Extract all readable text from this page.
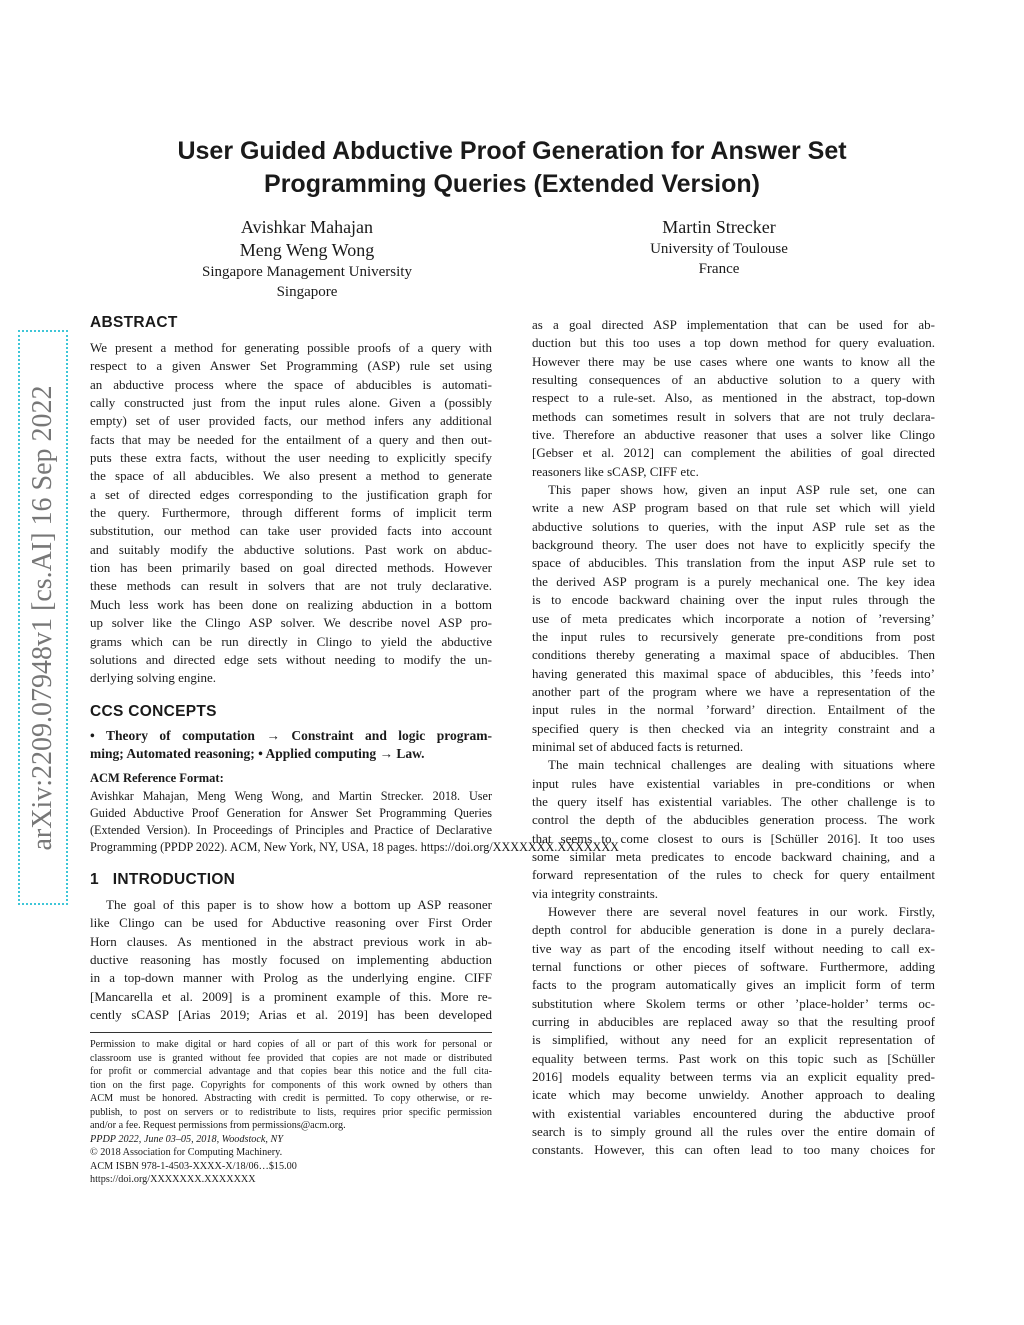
arXiv:2209.07948v1 [cs.AI] 16 Sep 2022
User Guided Abductive Proof Generation for Answer Set
Programming Queries (Extended Version)
Avishkar Mahajan
Meng Weng Wong
Singapore Management University
Singapore
Martin Strecker
University of Toulouse
France
ABSTRACT
We present a method for generating possible proofs of a query with
respect to a given Answer Set Programming (ASP) rule set using
an abductive process where the space of abducibles is automati-
cally constructed just from the input rules alone. Given a (possibly
empty) set of user provided facts, our method infers any additional
facts that may be needed for the entailment of a query and then out-
puts these extra facts, without the user needing to explicitly specify
the space of all abducibles. We also present a method to generate
a set of directed edges corresponding to the justification graph for
the query. Furthermore, through different forms of implicit term
substitution, our method can take user provided facts into account
and suitably modify the abductive solutions. Past work on abduc-
tion has been primarily based on goal directed methods. However
these methods can result in solvers that are not truly declarative.
Much less work has been done on realizing abduction in a bottom
up solver like the Clingo ASP solver. We describe novel ASP pro-
grams which can be run directly in Clingo to yield the abductive
solutions and directed edge sets without needing to modify the un-
derlying solving engine.
CCS CONCEPTS
• Theory of computation → Constraint and logic program-
ming; Automated reasoning; • Applied computing → Law.
ACM Reference Format:
Avishkar Mahajan, Meng Weng Wong, and Martin Strecker. 2018. User
Guided Abductive Proof Generation for Answer Set Programming Queries
(Extended Version). In Proceedings of Principles and Practice of Declarative
Programming (PPDP 2022). ACM, New York, NY, USA, 18 pages. https://doi.org/XXXXXXX.XXXXXXX
1   INTRODUCTION
The goal of this paper is to show how a bottom up ASP reasoner
like Clingo can be used for Abductive reasoning over First Order
Horn clauses. As mentioned in the abstract previous work in ab-
ductive reasoning has mostly focused on implementing abduction
in a top-down manner with Prolog as the underlying engine. CIFF
[Mancarella et al. 2009] is a prominent example of this. More re-
cently sCASP [Arias 2019; Arias et al. 2019] has been developed
Permission to make digital or hard copies of all or part of this work for personal or
classroom use is granted without fee provided that copies are not made or distributed
for profit or commercial advantage and that copies bear this notice and the full cita-
tion on the first page. Copyrights for components of this work owned by others than
ACM must be honored. Abstracting with credit is permitted. To copy otherwise, or re-
publish, to post on servers or to redistribute to lists, requires prior specific permission
and/or a fee. Request permissions from permissions@acm.org.
PPDP 2022, June 03–05, 2018, Woodstock, NY
© 2018 Association for Computing Machinery.
ACM ISBN 978-1-4503-XXXX-X/18/06…$15.00
https://doi.org/XXXXXXX.XXXXXXX
as a goal directed ASP implementation that can be used for ab-
duction but this too uses a top down method for query evaluation.
However there may be use cases where one wants to know all the
resulting consequences of an abductive solution to a query with
respect to a rule-set. Also, as mentioned in the abstract, top-down
methods can sometimes result in solvers that are not truly declara-
tive. Therefore an abductive reasoner that uses a solver like Clingo
[Gebser et al. 2012] can complement the abilities of goal directed
reasoners like sCASP, CIFF etc.
This paper shows how, given an input ASP rule set, one can
write a new ASP program based on that rule set which will yield
abductive solutions to queries, with the input ASP rule set as the
background theory. The user does not have to explicitly specify the
space of abducibles. This translation from the input ASP rule set to
the derived ASP program is a purely mechanical one. The key idea
is to encode backward chaining over the input rules through the
use of meta predicates which incorporate a notion of ’reversing’
the input rules to recursively generate pre-conditions from post
conditions thereby generating a maximal space of abducibles. Then
having generated this maximal space of abducibles, this ’feeds into’
another part of the program where we have a representation of the
input rules in the normal ’forward’ direction. Entailment of the
specified query is then checked via an integrity constraint and a
minimal set of abduced facts is returned.
The main technical challenges are dealing with situations where
input rules have existential variables in pre-conditions or when
the query itself has existential variables. The other challenge is to
control the depth of the abducibles generation process. The work
that seems to come closest to ours is [Schüller 2016]. It too uses
some similar meta predicates to encode backward chaining, and a
forward representation of the rules to check for query entailment
via integrity constraints.
However there are several novel features in our work. Firstly,
depth control for abducible generation is done in a purely declara-
tive way as part of the encoding itself without needing to call ex-
ternal functions or other pieces of software. Furthermore, adding
facts to the program automatically gives an implicit form of term
substitution where Skolem terms or other ’place-holder’ terms oc-
curring in abducibles are replaced away so that the resulting proof
is simplified, without any need for an explicit representation of
equality between terms. Past work on this topic such as [Schüller
2016] models equality between terms via an explicit equality pred-
icate which may become unwieldy. Another approach to dealing
with existential variables encountered during the abductive proof
search is to simply ground all the rules over the entire domain of
constants. However, this can often lead to too many choices for
